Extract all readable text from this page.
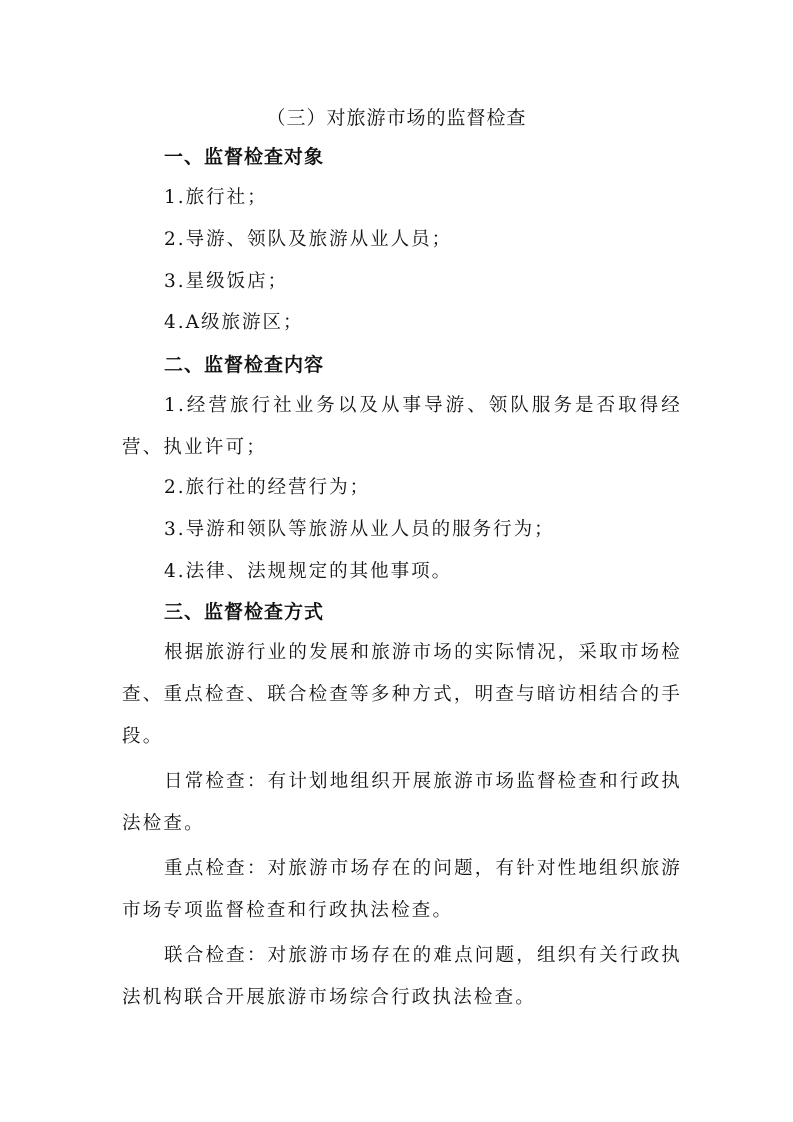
（三）对旅游市场的监督检查
一、监督检查对象
1.旅行社；
2.导游、领队及旅游从业人员；
3.星级饭店；
4.A级旅游区；
二、监督检查内容
1.经营旅行社业务以及从事导游、领队服务是否取得经营、执业许可；
2.旅行社的经营行为；
3.导游和领队等旅游从业人员的服务行为；
4.法律、法规规定的其他事项。
三、监督检查方式
根据旅游行业的发展和旅游市场的实际情况，采取市场检查、重点检查、联合检查等多种方式，明查与暗访相结合的手段。
日常检查：有计划地组织开展旅游市场监督检查和行政执法检查。
重点检查：对旅游市场存在的问题，有针对性地组织旅游市场专项监督检查和行政执法检查。
联合检查：对旅游市场存在的难点问题，组织有关行政执法机构联合开展旅游市场综合行政执法检查。
